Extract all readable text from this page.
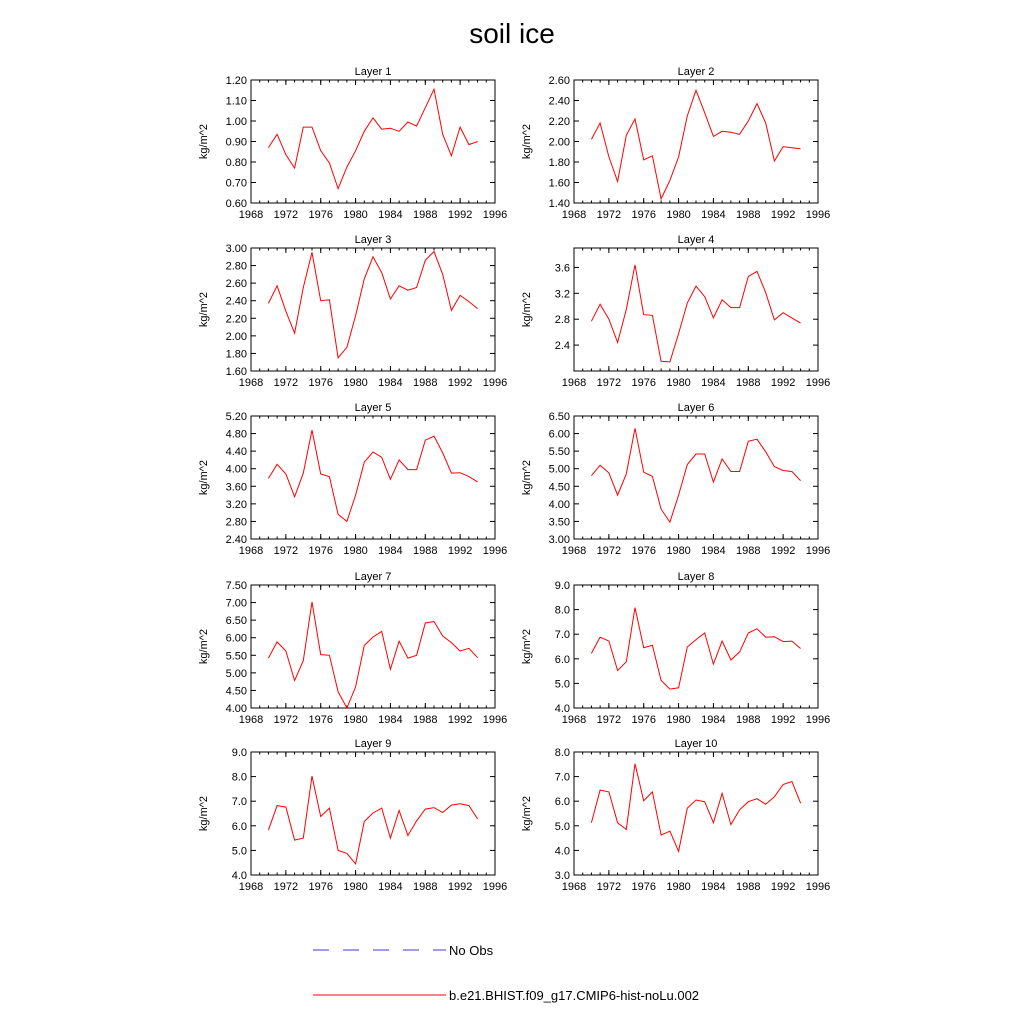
soil ice
Layer 1
kg/m^2
0.60
0.70
0.80
0.90
1.00
1.10
1.20
1968 1972 1976 1980 1984 1988 1992 1996
Layer 2
kg/m^2
1.40
1.60
1.80
2.00
2.20
2.40
2.60
1968 1972 1976 1980 1984 1988 1992 1996
Layer 3
kg/m^2
1.60
1.80
2.00
2.20
2.40
2.60
2.80
3.00
1968 1972 1976 1980 1984 1988 1992 1996
Layer 4
kg/m^2
2.4
2.8
3.2
3.6
1968 1972 1976 1980 1984 1988 1992 1996
Layer 5
kg/m^2
2.40
2.80
3.20
3.60
4.00
4.40
4.80
5.20
1968 1972 1976 1980 1984 1988 1992 1996
Layer 6
kg/m^2
3.00
3.50
4.00
4.50
5.00
5.50
6.00
6.50
1968 1972 1976 1980 1984 1988 1992 1996
Layer 7
kg/m^2
4.00
4.50
5.00
5.50
6.00
6.50
7.00
7.50
1968 1972 1976 1980 1984 1988 1992 1996
Layer 8
kg/m^2
4.0
5.0
6.0
7.0
8.0
9.0
1968 1972 1976 1980 1984 1988 1992 1996
Layer 9
kg/m^2
4.0
5.0
6.0
7.0
8.0
9.0
1968 1972 1976 1980 1984 1988 1992 1996
Layer 10
kg/m^2
3.0
4.0
5.0
6.0
7.0
8.0
1968 1972 1976 1980 1984 1988 1992 1996
No Obs
b.e21.BHIST.f09_g17.CMIP6-hist-noLu.002
